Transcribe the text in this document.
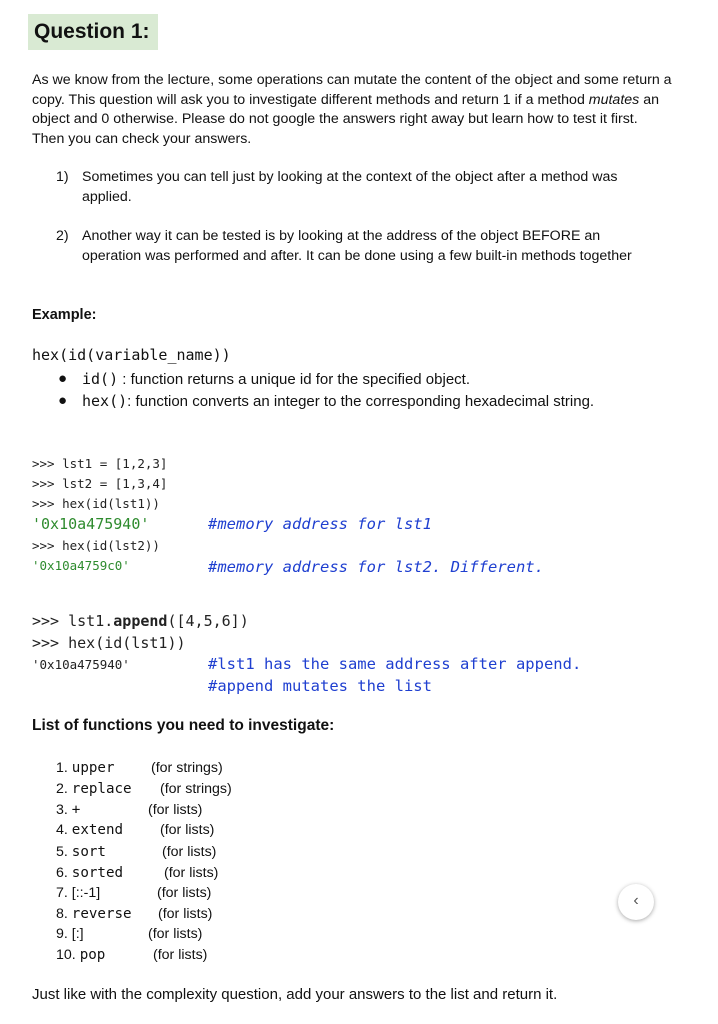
Question 1:

As we know from the lecture, some operations can mutate the content of the object and some return a copy. This question will ask you to investigate different methods and return 1 if a method mutates an object and 0 otherwise. Please do not google the answers right away but learn how to test it first. Then you can check your answers.

1) Sometimes you can tell just by looking at the context of the object after a method was applied.
2) Another way it can be tested is by looking at the address of the object BEFORE an operation was performed and after. It can be done using a few built-in methods together
Example:
hex(id(variable_name))
● id() : function returns a unique id for the specified object.
● hex(): function converts an integer to the corresponding hexadecimal string.
>>> lst1 = [1,2,3]
>>> lst2 = [1,3,4]
>>> hex(id(lst1))
'0x10a475940'	#memory address for lst1
>>> hex(id(lst2))
'0x10a4759c0'	#memory address for lst2. Different.
>>> lst1.append([4,5,6])
>>> hex(id(lst1))
'0x10a475940'	#lst1 has the same address after append.
#append mutates the list
List of functions you need to investigate:
1. upper	(for strings)
2. replace (for strings)
3. +	(for lists)
4. extend	(for lists)
5. sort	(for lists)
6. sorted	(for lists)
7. [::-1]	(for lists)
8. reverse (for lists)
9. [:]	(for lists)
10. pop	(for lists)
‹
Just like with the complexity question, add your answers to the list and return it.
